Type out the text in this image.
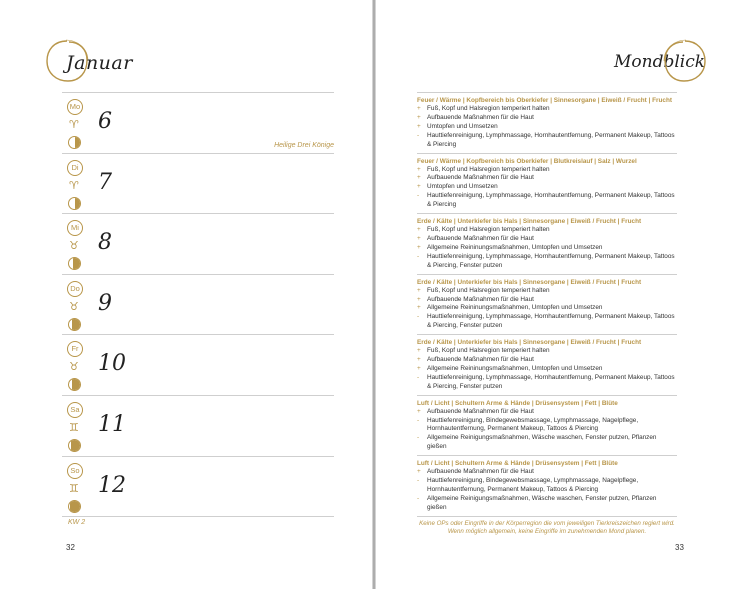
Januar
Mo
♈ 6
Heilige Drei Könige
Di
♈ 7
Mi
♉ 8
Do
♉ 9
Fr
♉ 10
Sa
♊ 11
So
♊ 12
KW 2
32
Mondblick
Feuer / Wärme | Kopfbereich bis Oberkiefer | Sinnesorgane | Eiweiß / Frucht | Frucht
+ Fuß, Kopf und Halsregion temperiert halten
+ Aufbauende Maßnahmen für die Haut
+ Umtopfen und Umsetzen
-	Hauttiefenreinigung, Lymphmassage, Hornhautentfernung, Permanent Makeup, Tattoos & Piercing
Feuer / Wärme | Kopfbereich bis Oberkiefer | Blutkreislauf | Salz | Wurzel
+ Fuß, Kopf und Halsregion temperiert halten
+ Aufbauende Maßnahmen für die Haut
+ Umtopfen und Umsetzen
-	Hauttiefenreinigung, Lymphmassage, Hornhautentfernung, Permanent Makeup, Tattoos & Piercing
Erde / Kälte | Unterkiefer bis Hals | Sinnesorgane | Eiweiß / Frucht | Frucht
+ Fuß, Kopf und Halsregion temperiert halten
+ Aufbauende Maßnahmen für die Haut
+ Allgemeine Reininungsmaßnahmen, Umtopfen und Umsetzen
-	Hauttiefenreinigung, Lymphmassage, Hornhautentfernung, Permanent Makeup, Tattoos & Piercing, Fenster putzen
Erde / Kälte | Unterkiefer bis Hals | Sinnesorgane | Eiweiß / Frucht | Frucht
+ Fuß, Kopf und Halsregion temperiert halten
+ Aufbauende Maßnahmen für die Haut
+ Allgemeine Reininungsmaßnahmen, Umtopfen und Umsetzen
-	Hauttiefenreinigung, Lymphmassage, Hornhautentfernung, Permanent Makeup, Tattoos & Piercing, Fenster putzen
Erde / Kälte | Unterkiefer bis Hals | Sinnesorgane | Eiweiß / Frucht | Frucht
+ Fuß, Kopf und Halsregion temperiert halten
+ Aufbauende Maßnahmen für die Haut
+ Allgemeine Reininungsmaßnahmen, Umtopfen und Umsetzen
-	Hauttiefenreinigung, Lymphmassage, Hornhautentfernung, Permanent Makeup, Tattoos & Piercing, Fenster putzen
Luft / Licht | Schultern Arme & Hände | Drüsensystem | Fett | Blüte
+ Aufbauende Maßnahmen für die Haut
-	Hauttiefenreinigung, Bindegewebsmassage, Lymphmassage, Nagelpflege, Hornhautentfernung, Permanent Makeup, Tattoos & Piercing
-	Allgemeine Reinigungsmaßnahmen, Wäsche waschen, Fenster putzen, Pflanzen gießen
Luft / Licht | Schultern Arme & Hände | Drüsensystem | Fett | Blüte
+ Aufbauende Maßnahmen für die Haut
-	Hauttiefenreinigung, Bindegewebsmassage, Lymphmassage, Nagelpflege, Hornhautentfernung, Permanent Makeup, Tattoos & Piercing
-	Allgemeine Reinigungsmaßnahmen, Wäsche waschen, Fenster putzen, Pflanzen gießen
Keine OPs oder Eingriffe in der Körperregion die vom jeweiligen Tierkreiszeichen regiert wird. Wenn möglich allgemein, keine Eingriffe im zunehmenden Mond planen.
33
